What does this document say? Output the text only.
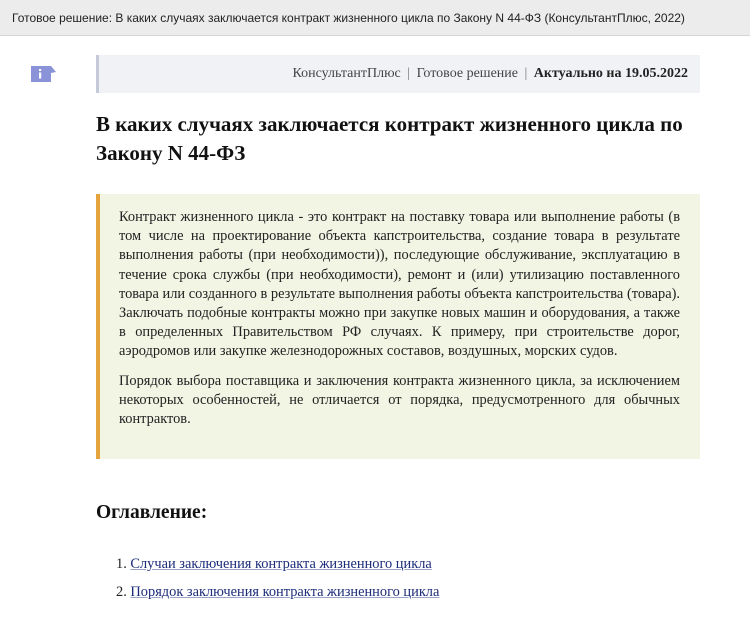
Готовое решение: В каких случаях заключается контракт жизненного цикла по Закону N 44-ФЗ (КонсультантПлюс, 2022)
КонсультантПлюс | Готовое решение | Актуально на 19.05.2022
В каких случаях заключается контракт жизненного цикла по Закону N 44-ФЗ

Контракт жизненного цикла - это контракт на поставку товара или выполнение работы (в том числе на проектирование объекта капстроительства, создание товара в результате выполнения работы (при необходимости)), последующие обслуживание, эксплуатацию в течение срока службы (при необходимости), ремонт и (или) утилизацию поставленного товара или созданного в результате выполнения работы объекта капстроительства (товара). Заключать подобные контракты можно при закупке новых машин и оборудования, а также в определенных Правительством РФ случаях. К примеру, при строительстве дорог, аэродромов или закупке железнодорожных составов, воздушных, морских судов.

Порядок выбора поставщика и заключения контракта жизненного цикла, за исключением некоторых особенностей, не отличается от порядка, предусмотренного для обычных контрактов.

Оглавление:
1. Случаи заключения контракта жизненного цикла
2. Порядок заключения контракта жизненного цикла
